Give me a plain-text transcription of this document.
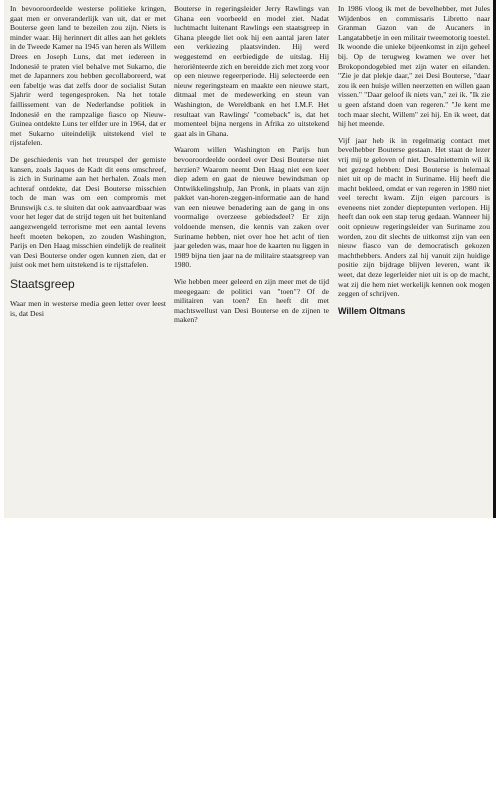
In bevooroordeelde westerse politieke kringen, gaat men er onveranderlijk van uit, dat er met Bouterse geen land te bezeilen zou zijn. Niets is minder waar. Hij herinnert dit alles aan het geklets in de Tweede Kamer na 1945 van heren als Willem Drees en Joseph Luns, dat met iedereen in Indonesië te praten viel behalve met Sukarno, die met de Japanners zou hebben gecollaboreerd, wat een fabeltje was dat zelfs door de socialist Sutan Sjahrir werd tegengesproken. Na het totale faillissement van de Nederlandse politiek in Indonesië en the rampzalige fiasco op Nieuw-Guinea ontdekte Luns ter elfder ure in 1964, dat er met Sukarno uiteindelijk uitstekend viel te rijstafelen.

De geschiedenis van het treurspel der gemiste kansen, zoals Jaques de Kadt dit eens omschreef, is zich in Suriname aan het herhalen. Zoals men achteraf ontdekte, dat Desi Bouterse misschien toch de man was om een compromis met Brunswijk c.s. te sluiten dat ook aanvaardbaar was voor het leger dat de strijd tegen uit het buitenland aangezwengeld terrorisme met een aantal levens heeft moeten bekopen, zo zouden Washington, Parijs en Den Haag misschien eindelijk de realiteit van Desi Bouterse onder ogen kunnen zien, dat er juist ook met hem uitstekend is te rijsttafelen.

Staatsgreep

Waar men in westerse media geen letter over leest is, dat Desi

Bouterse in regeringsleider Jerry Rawlings van Ghana een voorbeeld en model ziet. Nadat luchtmacht luitenant Rawlings een staatsgreep in Ghana pleegde liet ook hij een aantal jaren later een verkiezing plaatsvinden. Hij werd weggestemd en eerbiedigde de uitslag. Hij heroriënteerde zich en bereidde zich met zorg voor op een nieuwe regeerperiode. Hij selecteerde een nieuw regeringsteam en maakte een nieuwe start, ditmaal met de medewerking en steun van Washington, de Wereldbank en het I.M.F. Het resultaat van Rawlings' "comeback" is, dat het momenteel bijna nergens in Afrika zo uitstekend gaat als in Ghana.

Waarom willen Washington en Parijs hun bevooroordeelde oordeel over Desi Bouterse niet herzien? Waarom neemt Den Haag niet een keer diep adem en gaat de nieuwe bewindsman op Ontwikkelingshulp, Jan Pronk, in plaats van zijn pakket van-horen-zeggen-informatie aan de hand van een nieuwe benadering aan de gang in ons voormalige overzeese gebiedsdeel? Er zijn voldoende mensen, die kennis van zaken over Suriname hebben, niet over hoe het acht of tien jaar geleden was, maar hoe de kaarten nu liggen in 1989 bijna tien jaar na de militaire staatsgreep van 1980.

Wie hebben meer geleerd en zijn meer met de tijd meegegaan: de politici van "toen"? Of de militairen van toen? En heeft dit met machtswellust van Desi Bouterse en de zijnen te maken?

In 1986 vloog ik met de bevelhebber, met Jules Wijdenbos en commissaris Libretto naar Granman Gazon van de Aucaners in Langatabbetje in een militair tweemotorig toestel. Ik woonde die unieke bijeenkomst in zijn geheel bij. Op de terugweg kwamen we over het Brokopondogebied met zijn water en eilanden. "Zie je dat plekje daar," zei Desi Bouterse, "daar zou ik een huisje willen neerzetten en willen gaan vissen." "Daar geloof ik niets van," zei ik. "Ik zie u geen afstand doen van regeren." "Je kent me toch maar slecht, Willem" zei hij. En ik weet, dat hij het meende.

Vijf jaar heb ik in regelmatig contact met bevelhebber Bouterse gestaan. Het staat de lezer vrij mij te geloven of niet. Desalniettemin wil ik het gezegd hebben: Desi Bouterse is helemaal niet uit op de macht in Suriname. Hij heeft die macht bekleed, omdat er van regeren in 1980 niet veel terecht kwam. Zijn eigen parcours is eveneens niet zonder dieptepunten verlopen. Hij heeft dan ook een stap terug gedaan. Wanneer hij ooit opnieuw regeringsleider van Suriname zou worden, zou dit slechts de uitkomst zijn van een nieuw fiasco van de democratisch gekozen machthebbers. Anders zal hij vanuit zijn huidige positie zijn bijdrage blijven leveren, want ik weet, dat deze legerleider niet uit is op de macht, wat zij die hem niet werkelijk kennen ook mogen zeggen of schrijven.

Willem Oltmans
